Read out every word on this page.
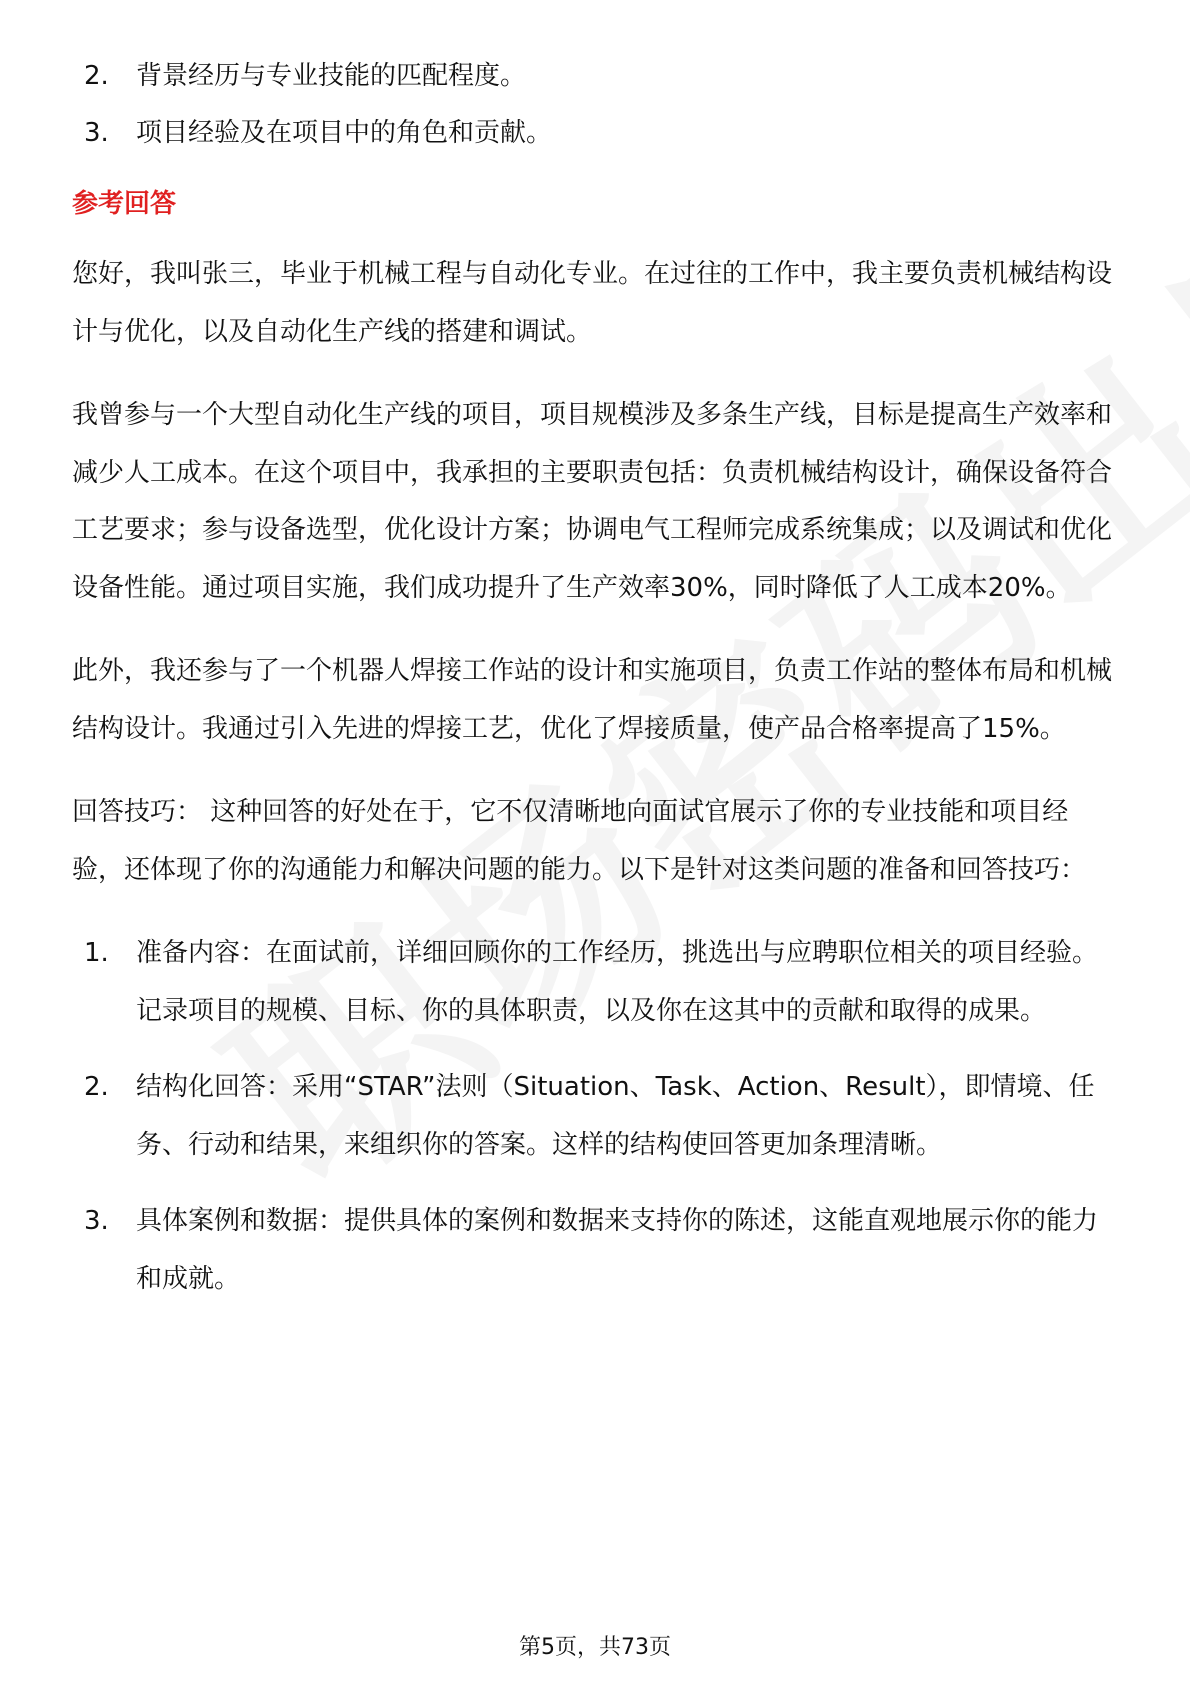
2.	背景经历与专业技能的匹配程度。
3.	项目经验及在项目中的角色和贡献。
参考回答

您好，我叫张三，毕业于机械工程与自动化专业。在过往的工作中，我主要负责机械结构设计与优化，以及自动化生产线的搭建和调试。

我曾参与一个大型自动化生产线的项目，项目规模涉及多条生产线，目标是提高生产效率和减少人工成本。在这个项目中，我承担的主要职责包括：负责机械结构设计，确保设备符合工艺要求；参与设备选型，优化设计方案；协调电气工程师完成系统集成；以及调试和优化设备性能。通过项目实施，我们成功提升了生产效率30%，同时降低了人工成本20%。

此外，我还参与了一个机器人焊接工作站的设计和实施项目，负责工作站的整体布局和机械结构设计。我通过引入先进的焊接工艺，优化了焊接质量，使产品合格率提高了15%。

回答技巧： 这种回答的好处在于，它不仅清晰地向面试官展示了你的专业技能和项目经验，还体现了你的沟通能力和解决问题的能力。以下是针对这类问题的准备和回答技巧：

1.	准备内容：在面试前，详细回顾你的工作经历，挑选出与应聘职位相关的项目经验。记录项目的规模、目标、你的具体职责，以及你在这其中的贡献和取得的成果。
2.	结构化回答：采用“STAR”法则（Situation、Task、Action、Result），即情境、任务、行动和结果，来组织你的答案。这样的结构使回答更加条理清晰。
3.	具体案例和数据：提供具体的案例和数据来支持你的陈述，这能直观地展示你的能力和成就。
第5页，共73页
